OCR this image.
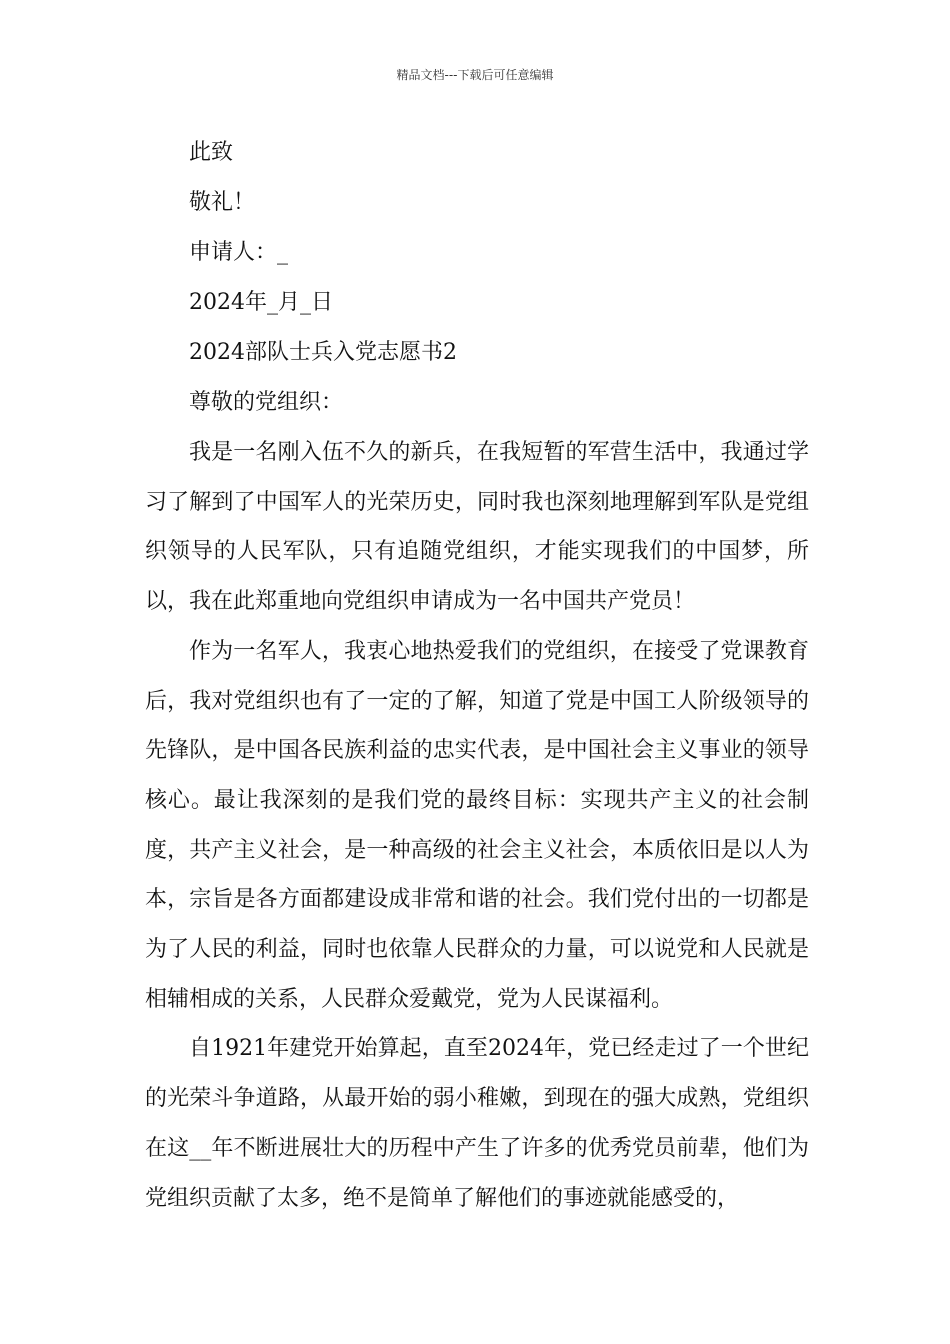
精品文档---下载后可任意编辑
此致
敬礼！
申请人：_
2024年_月_日
2024部队士兵入党志愿书2
尊敬的党组织：

我是一名刚入伍不久的新兵，在我短暂的军营生活中，我通过学习了解到了中国军人的光荣历史，同时我也深刻地理解到军队是党组织领导的人民军队，只有追随党组织，才能实现我们的中国梦，所以，我在此郑重地向党组织申请成为一名中国共产党员！

作为一名军人，我衷心地热爱我们的党组织，在接受了党课教育后，我对党组织也有了一定的了解，知道了党是中国工人阶级领导的先锋队，是中国各民族利益的忠实代表，是中国社会主义事业的领导核心。最让我深刻的是我们党的最终目标：实现共产主义的社会制度，共产主义社会，是一种高级的社会主义社会，本质依旧是以人为本，宗旨是各方面都建设成非常和谐的社会。我们党付出的一切都是为了人民的利益，同时也依靠人民群众的力量，可以说党和人民就是相辅相成的关系，人民群众爱戴党，党为人民谋福利。

自1921年建党开始算起，直至2024年，党已经走过了一个世纪的光荣斗争道路，从最开始的弱小稚嫩，到现在的强大成熟，党组织在这__年不断进展壮大的历程中产生了许多的优秀党员前辈，他们为党组织贡献了太多，绝不是简单了解他们的事迹就能感受的，
